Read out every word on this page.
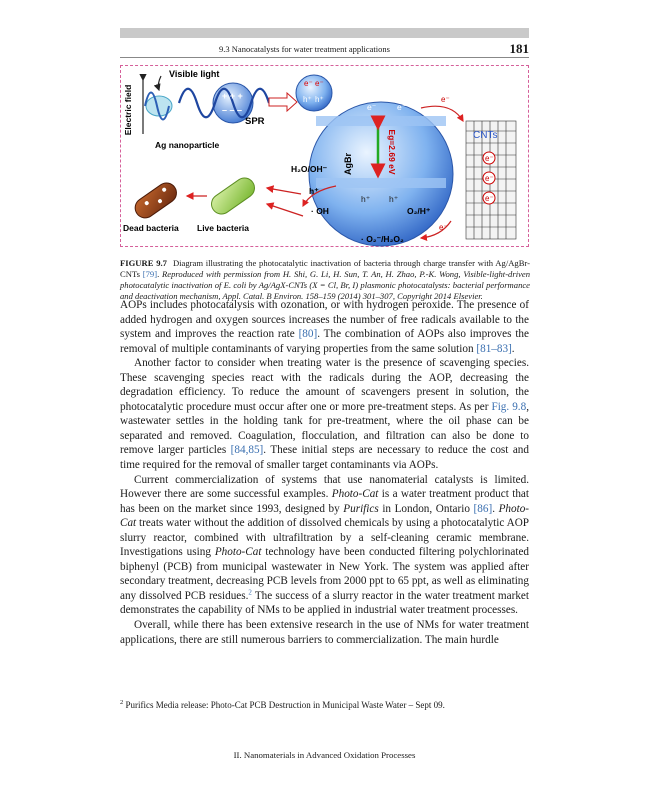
9.3 Nanocatalysts for water treatment applications	181
Electric field
Visible light
+ + +
– – –
Ag nanoparticle
SPR
e⁻ e⁻
h⁺ h⁺
AgBr	Eg=2.69 eV
e⁻ e⁻
h⁺ h⁺
CNTs
e⁻
e⁻
e⁻
e⁻
H₂O/OH⁻
h⁺
· OH	O₂/H⁺
· O₂⁻/H₂O₂
e⁻
Dead bacteria Live bacteria
FIGURE 9.7 Diagram illustrating the photocatalytic inactivation of bacteria through charge transfer with Ag/AgBr-CNTs [79]. Reproduced with permission from H. Shi, G. Li, H. Sun, T. An, H. Zhao, P.-K. Wong, Visible-light-driven photocatalytic inactivation of E. coli by Ag/AgX-CNTs (X = Cl, Br, I) plasmonic photocatalysts: bacterial performance and deactivation mechanism, Appl. Catal. B Environ. 158–159 (2014) 301–307, Copyright 2014 Elsevier.

AOPs includes photocatalysis with ozonation, or with hydrogen peroxide. The presence of added hydrogen and oxygen sources increases the number of free radicals available to the system and improves the reaction rate [80]. The combination of AOPs also improves the removal of multiple contaminants of varying properties from the same solution [81–83].

Another factor to consider when treating water is the presence of scavenging species. These scavenging species react with the radicals during the AOP, decreasing the degradation efficiency. To reduce the amount of scavengers present in solution, the photocatalytic procedure must occur after one or more pre-treatment steps. As per Fig. 9.8, wastewater settles in the holding tank for pre-treatment, where the oil phase can be separated and removed. Coagulation, flocculation, and filtration can also be done to remove larger particles [84,85]. These initial steps are necessary to reduce the cost and time required for the removal of smaller target contaminants via AOPs.

Current commercialization of systems that use nanomaterial catalysts is limited. However there are some successful examples. Photo-Cat is a water treatment product that has been on the market since 1993, designed by Purifics in London, Ontario [86]. Photo-Cat treats water without the addition of dissolved chemicals by using a photocatalytic AOP slurry reactor, combined with ultrafiltration by a self-cleaning ceramic membrane. Investigations using Photo-Cat technology have been conducted filtering polychlorinated biphenyl (PCB) from municipal wastewater in New York. The system was applied after secondary treatment, decreasing PCB levels from 2000 ppt to 65 ppt, as well as eliminating any dissolved PCB residues.$^2$ The success of a slurry reactor in the water treatment market demonstrates the capability of NMs to be applied in industrial water treatment processes.

Overall, while there has been extensive research in the use of NMs for water treatment applications, there are still numerous barriers to commercialization. The main hurdle

$^2$ Purifics Media release: Photo-Cat PCB Destruction in Municipal Waste Water – Sept 09.
II. Nanomaterials in Advanced Oxidation Processes
